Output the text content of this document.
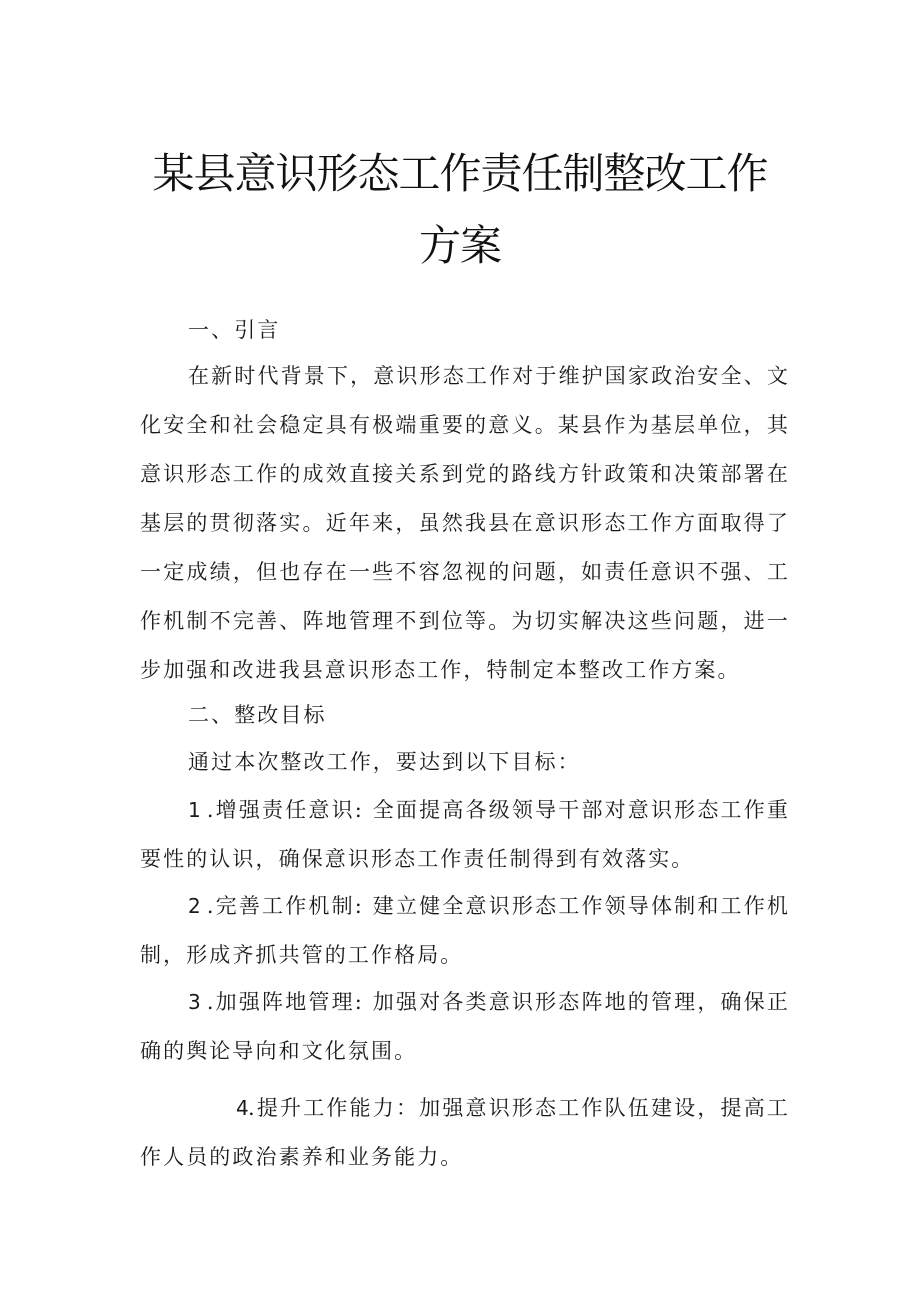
某县意识形态工作责任制整改工作
方案
一、引言
在新时代背景下，意识形态工作对于维护国家政治安全、文化安全和社会稳定具有极端重要的意义。某县作为基层单位，其意识形态工作的成效直接关系到党的路线方针政策和决策部署在基层的贯彻落实。近年来，虽然我县在意识形态工作方面取得了一定成绩，但也存在一些不容忽视的问题，如责任意识不强、工作机制不完善、阵地管理不到位等。为切实解决这些问题，进一步加强和改进我县意识形态工作，特制定本整改工作方案。
二、整改目标
通过本次整改工作，要达到以下目标：
1 .增强责任意识: 全面提高各级领导干部对意识形态工作重要性的认识，确保意识形态工作责任制得到有效落实。
2 .完善工作机制: 建立健全意识形态工作领导体制和工作机制，形成齐抓共管的工作格局。
3 .加强阵地管理: 加强对各类意识形态阵地的管理，确保正确的舆论导向和文化氛围。
4.提升工作能力：加强意识形态工作队伍建设，提高工作人员的政治素养和业务能力。
